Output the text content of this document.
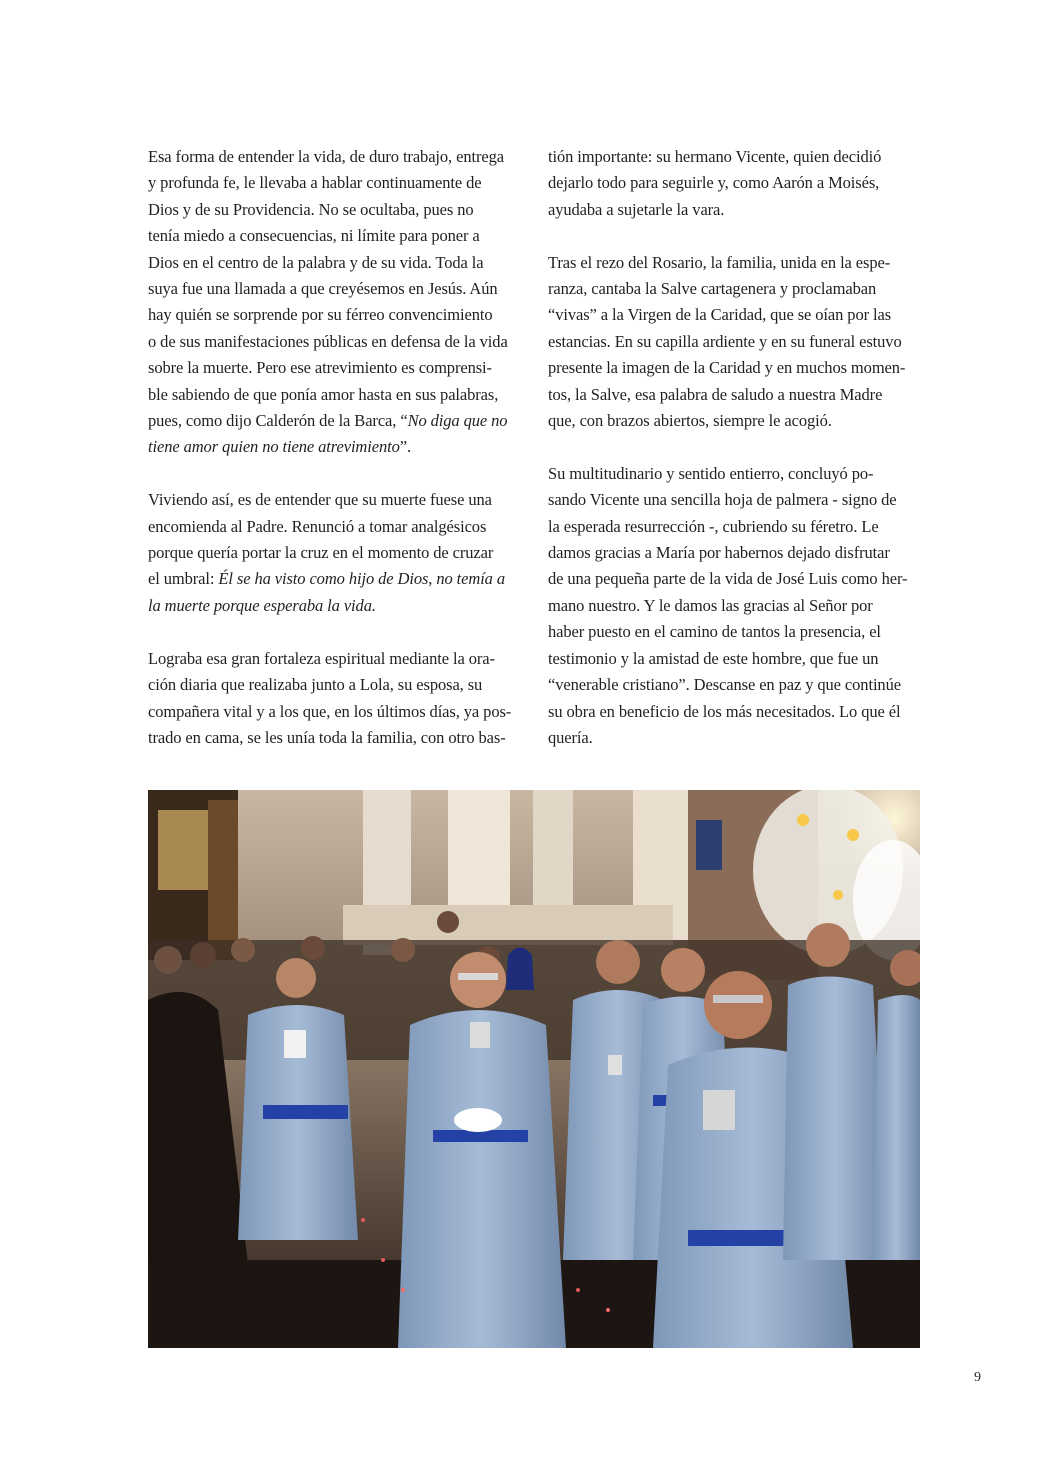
Esa forma de entender la vida, de duro trabajo, entrega
y profunda fe, le llevaba a hablar continuamente de
Dios y de su Providencia. No se ocultaba, pues no
tenía miedo a consecuencias, ni límite para poner a
Dios en el centro de la palabra y de su vida. Toda la
suya fue una llamada a que creyésemos en Jesús. Aún
hay quién se sorprende por su férreo convencimiento
o de sus manifestaciones públicas en defensa de la vida
sobre la muerte. Pero ese atrevimiento es comprensi-
ble sabiendo de que ponía amor hasta en sus palabras,
pues, como dijo Calderón de la Barca, “No diga que no
tiene amor quien no tiene atrevimiento”.

Viviendo así, es de entender que su muerte fuese una
encomienda al Padre. Renunció a tomar analgésicos
porque quería portar la cruz en el momento de cruzar
el umbral: Él se ha visto como hijo de Dios, no temía a
la muerte porque esperaba la vida.

Lograba esa gran fortaleza espiritual mediante la ora-
ción diaria que realizaba junto a Lola, su esposa, su
compañera vital y a los que, en los últimos días, ya pos-
trado en cama, se les unía toda la familia, con otro bas-

tión importante: su hermano Vicente, quien decidió
dejarlo todo para seguirle y, como Aarón a Moisés,
ayudaba a sujetarle la vara.

Tras el rezo del Rosario, la familia, unida en la espe-
ranza, cantaba la Salve cartagenera y proclamaban
“vivas” a la Virgen de la Caridad, que se oían por las
estancias. En su capilla ardiente y en su funeral estuvo
presente la imagen de la Caridad y en muchos momen-
tos, la Salve, esa palabra de saludo a nuestra Madre
que, con brazos abiertos, siempre le acogió.

Su multitudinario y sentido entierro, concluyó po-
sando Vicente una sencilla hoja de palmera - signo de
la esperada resurrección -, cubriendo su féretro. Le
damos gracias a María por habernos dejado disfrutar
de una pequeña parte de la vida de José Luis como her-
mano nuestro. Y le damos las gracias al Señor por
haber puesto en el camino de tantos la presencia, el
testimonio y la amistad de este hombre, que fue un
“venerable cristiano”. Descanse en paz y que continúe
su obra en beneficio de los más necesitados. Lo que él
quería.

9
